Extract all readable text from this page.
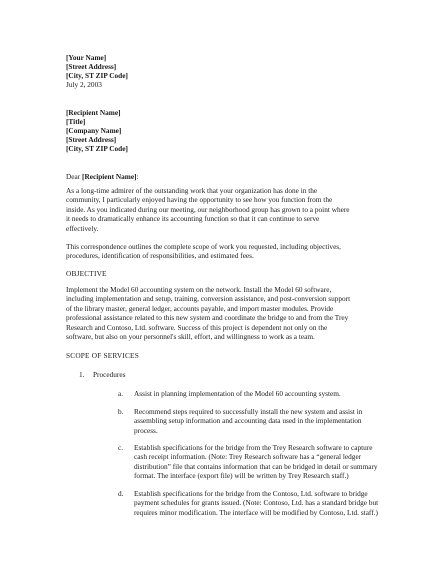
[Your Name]
[Street Address]
[City, ST ZIP Code]
July 2, 2003
[Recipient Name]
[Title]
[Company Name]
[Street Address]
[City, ST ZIP Code]
Dear [Recipient Name]:
As a long-time admirer of the outstanding work that your organization has done in the
community, I particularly enjoyed having the opportunity to see how you function from the
inside. As you indicated during our meeting, our neighborhood group has grown to a point where
it needs to dramatically enhance its accounting function so that it can continue to serve
effectively.
This correspondence outlines the complete scope of work you requested, including objectives,
procedures, identification of responsibilities, and estimated fees.
OBJECTIVE
Implement the Model 60 accounting system on the network. Install the Model 60 software,
including implementation and setup, training, conversion assistance, and post-conversion support
of the library master, general ledger, accounts payable, and import master modules. Provide
professional assistance related to this new system and coordinate the bridge to and from the Trey
Research and Contoso, Ltd. software. Success of this project is dependent not only on the
software, but also on your personnel's skill, effort, and willingness to work as a team.
SCOPE OF SERVICES
1. Procedures
a. Assist in planning implementation of the Model 60 accounting system.
b. Recommend steps required to successfully install the new system and assist in
assembling setup information and accounting data used in the implementation
process.
c. Establish specifications for the bridge from the Trey Research software to capture
cash receipt information. (Note: Trey Research software has a “general ledger
distribution” file that contains information that can be bridged in detail or summary
format. The interface (export file) will be written by Trey Research staff.)
d. Establish specifications for the bridge from the Contoso, Ltd. software to bridge
payment schedules for grants issued. (Note: Contoso, Ltd. has a standard bridge but
requires minor modification. The interface will be modified by Contoso, Ltd. staff.)
